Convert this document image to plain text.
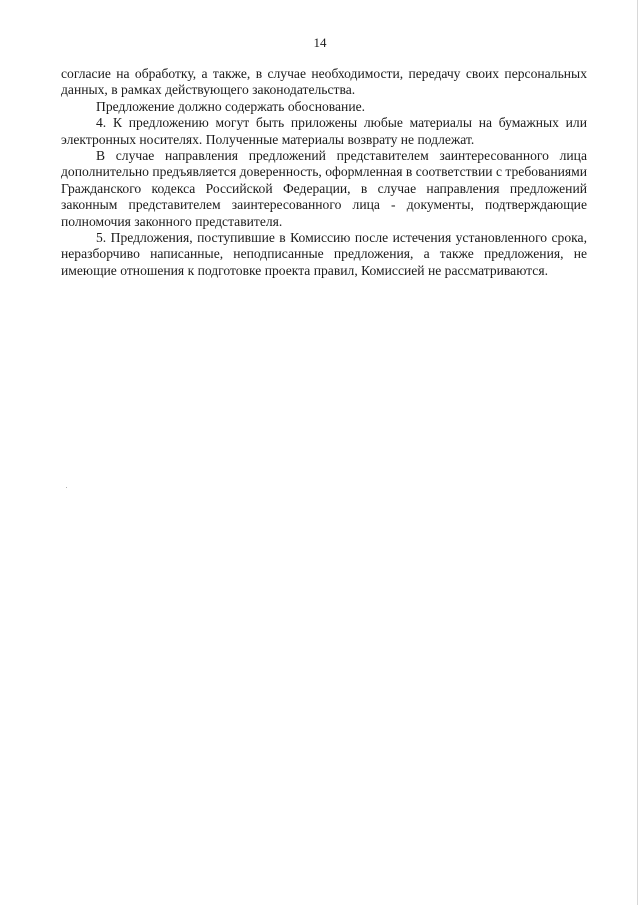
14

согласие на обработку, а также, в случае необходимости, передачу своих персональных данных, в рамках действующего законодательства.

Предложение должно содержать обоснование.

4. К предложению могут быть приложены любые материалы на бумажных или электронных носителях. Полученные материалы возврату не подлежат.

В случае направления предложений представителем заинтересованного лица дополнительно предъявляется доверенность, оформленная в соответствии с требованиями Гражданского кодекса Российской Федерации, в случае направления предложений законным представителем заинтересованного лица - документы, подтверждающие полномочия законного представителя.

5. Предложения, поступившие в Комиссию после истечения установленного срока, неразборчиво написанные, неподписанные предложения, а также предложения, не имеющие отношения к подготовке проекта правил, Комиссией не рассматриваются.
